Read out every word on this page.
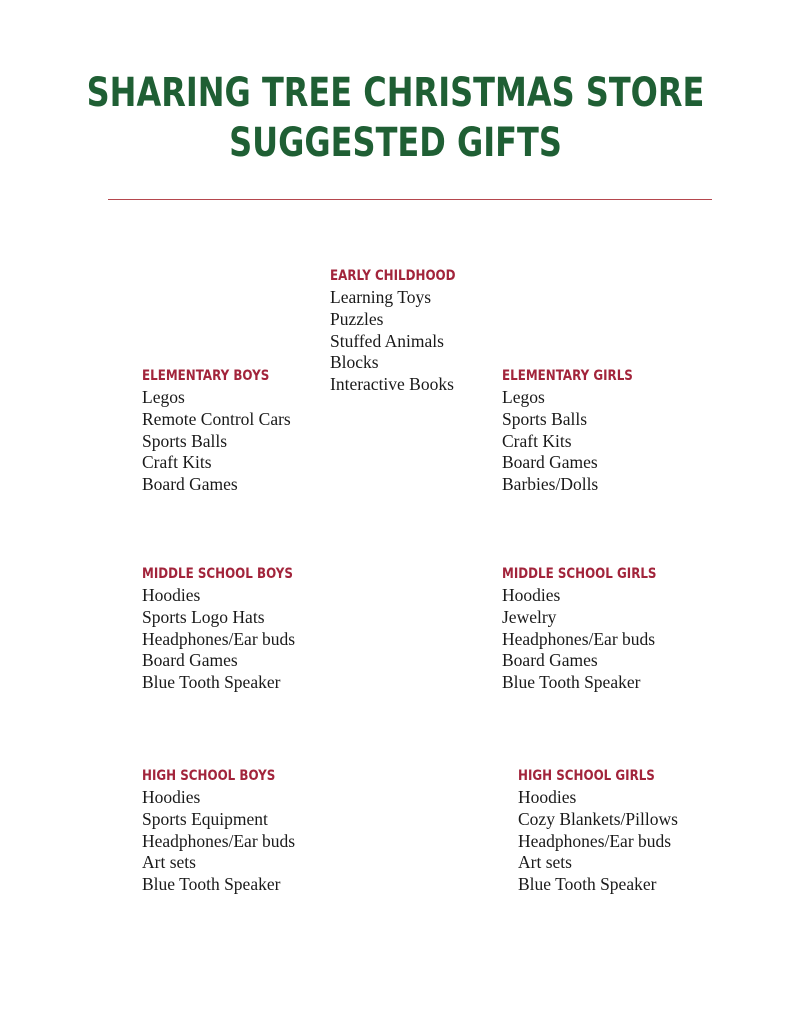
SHARING TREE CHRISTMAS STORE
SUGGESTED GIFTS
EARLY CHILDHOOD
Learning Toys
Puzzles
Stuffed Animals
Blocks
Interactive Books
ELEMENTARY BOYS
Legos
Remote Control Cars
Sports Balls
Craft Kits
Board Games
ELEMENTARY GIRLS
Legos
Sports Balls
Craft Kits
Board Games
Barbies/Dolls
MIDDLE SCHOOL BOYS
Hoodies
Sports Logo Hats
Headphones/Ear buds
Board Games
Blue Tooth Speaker
MIDDLE SCHOOL GIRLS
Hoodies
Jewelry
Headphones/Ear buds
Board Games
Blue Tooth Speaker
HIGH SCHOOL BOYS
Hoodies
Sports Equipment
Headphones/Ear buds
Art sets
Blue Tooth Speaker
HIGH SCHOOL GIRLS
Hoodies
Cozy Blankets/Pillows
Headphones/Ear buds
Art sets
Blue Tooth Speaker
